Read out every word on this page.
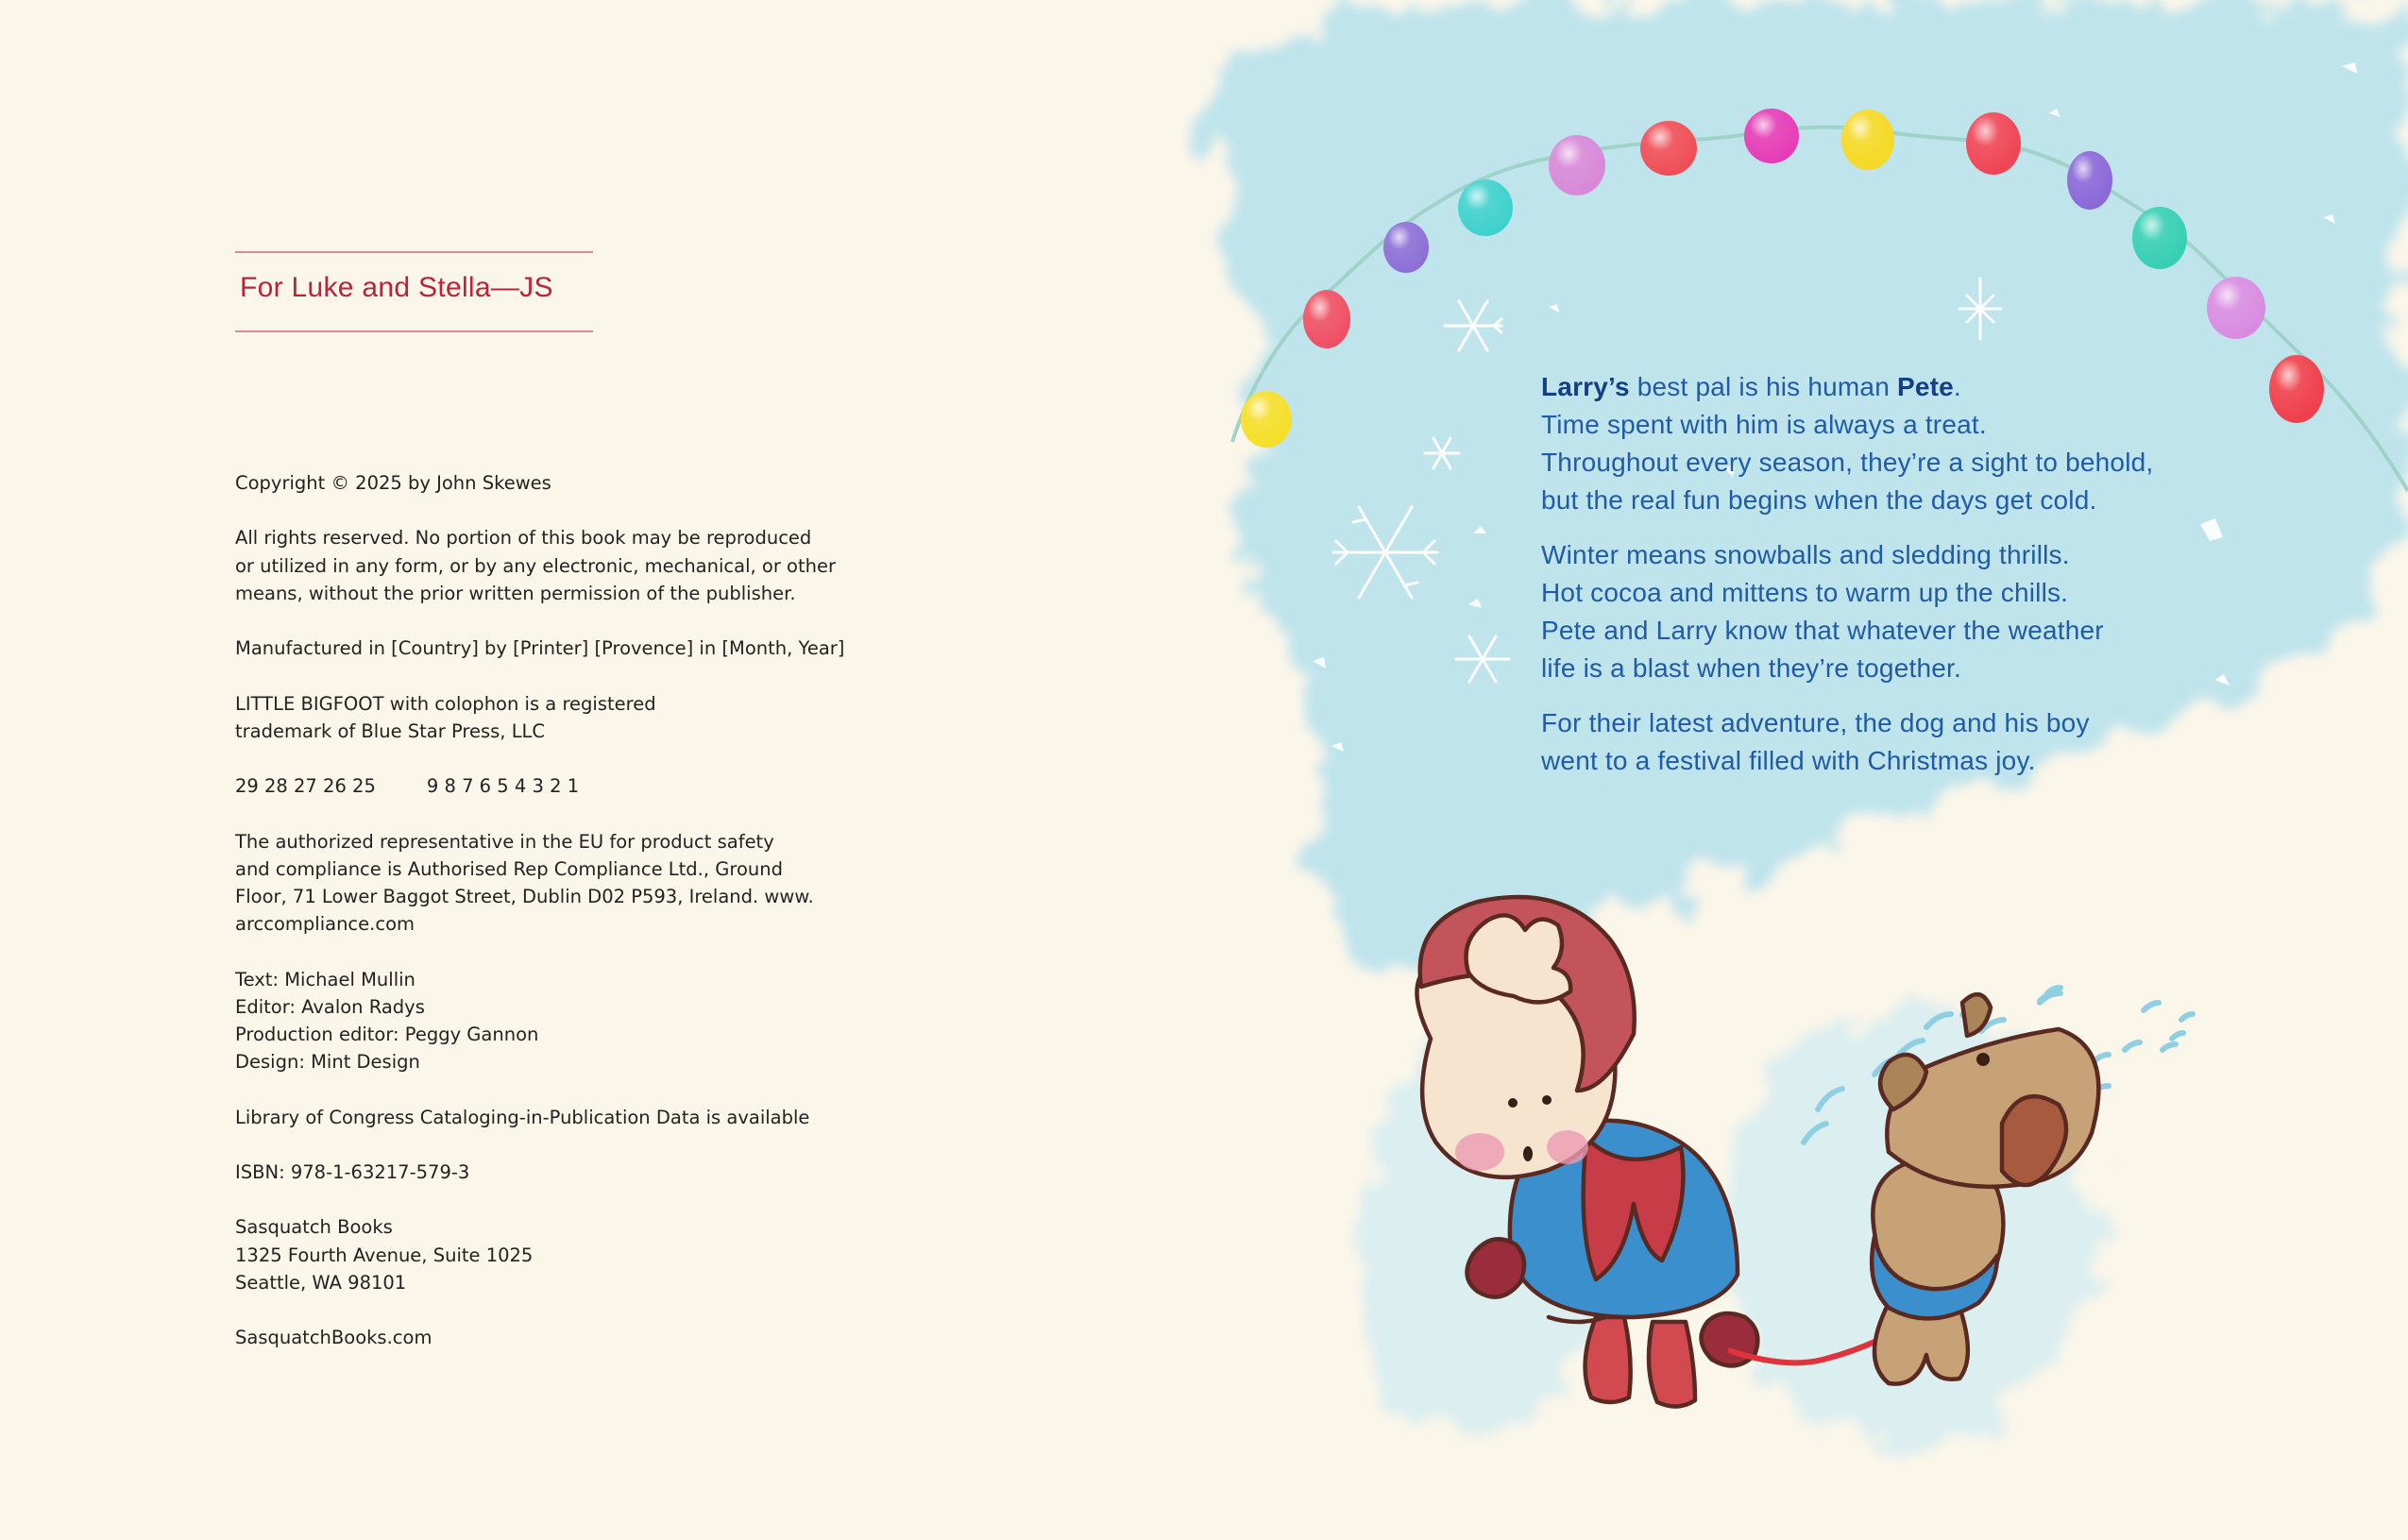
For Luke and Stella—JS

Copyright © 2025 by John Skewes

All rights reserved. No portion of this book may be reproduced
or utilized in any form, or by any electronic, mechanical, or other
means, without the prior written permission of the publisher.

Manufactured in [Country] by [Printer] [Provence] in [Month, Year]

LITTLE BIGFOOT with colophon is a registered
trademark of Blue Star Press, LLC

29 28 27 26 25	9 8 7 6 5 4 3 2 1

The authorized representative in the EU for product safety
and compliance is Authorised Rep Compliance Ltd., Ground
Floor, 71 Lower Baggot Street, Dublin D02 P593, Ireland. www.
arccompliance.com

Text: Michael Mullin
Editor: Avalon Radys
Production editor: Peggy Gannon
Design: Mint Design

Library of Congress Cataloging-in-Publication Data is available

ISBN: 978-1-63217-579-3

Sasquatch Books
1325 Fourth Avenue, Suite 1025
Seattle, WA 98101

SasquatchBooks.com

Larry’s best pal is his human Pete.
Time spent with him is always a treat.
Throughout every season, they’re a sight to behold,
but the real fun begins when the days get cold.
Winter means snowballs and sledding thrills.
Hot cocoa and mittens to warm up the chills.
Pete and Larry know that whatever the weather
life is a blast when they’re together.
For their latest adventure, the dog and his boy
went to a festival filled with Christmas joy.
